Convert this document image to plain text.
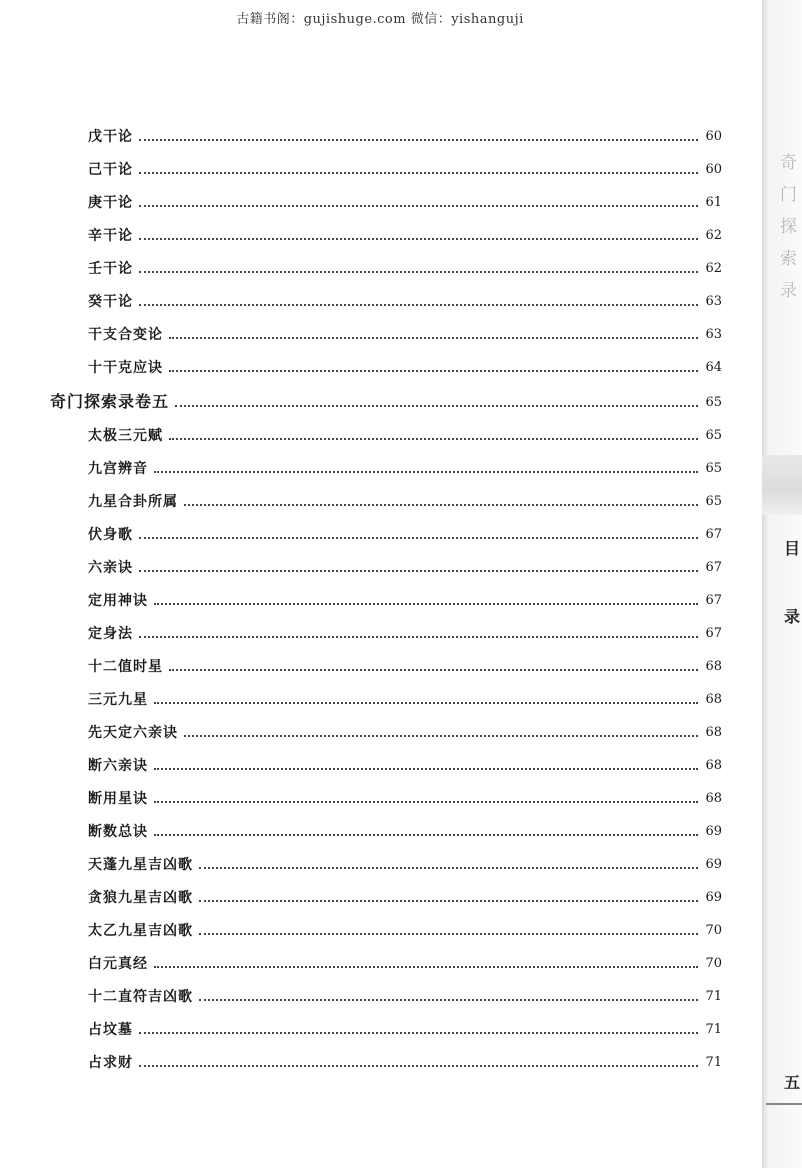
古籍书阁：gujishuge.com 微信：yishanguji
戊干论	60
己干论	60
庚干论	61
辛干论	62
壬干论	62
癸干论	63
干支合变论	63
十干克应诀	64
奇门探索录卷五	65
太极三元赋	65
九宫辨音	65
九星合卦所属	65
伏身歌	67
六亲诀	67
定用神诀	67
定身法	67
十二值时星	68
三元九星	68
先天定六亲诀	68
断六亲诀	68
断用星诀	68
断数总诀	69
天蓬九星吉凶歌	69
贪狼九星吉凶歌	69
太乙九星吉凶歌	70
白元真经	70
十二直符吉凶歌	71
占坟墓	71
占求财	71
奇
门
探
索
录
目
录
五
